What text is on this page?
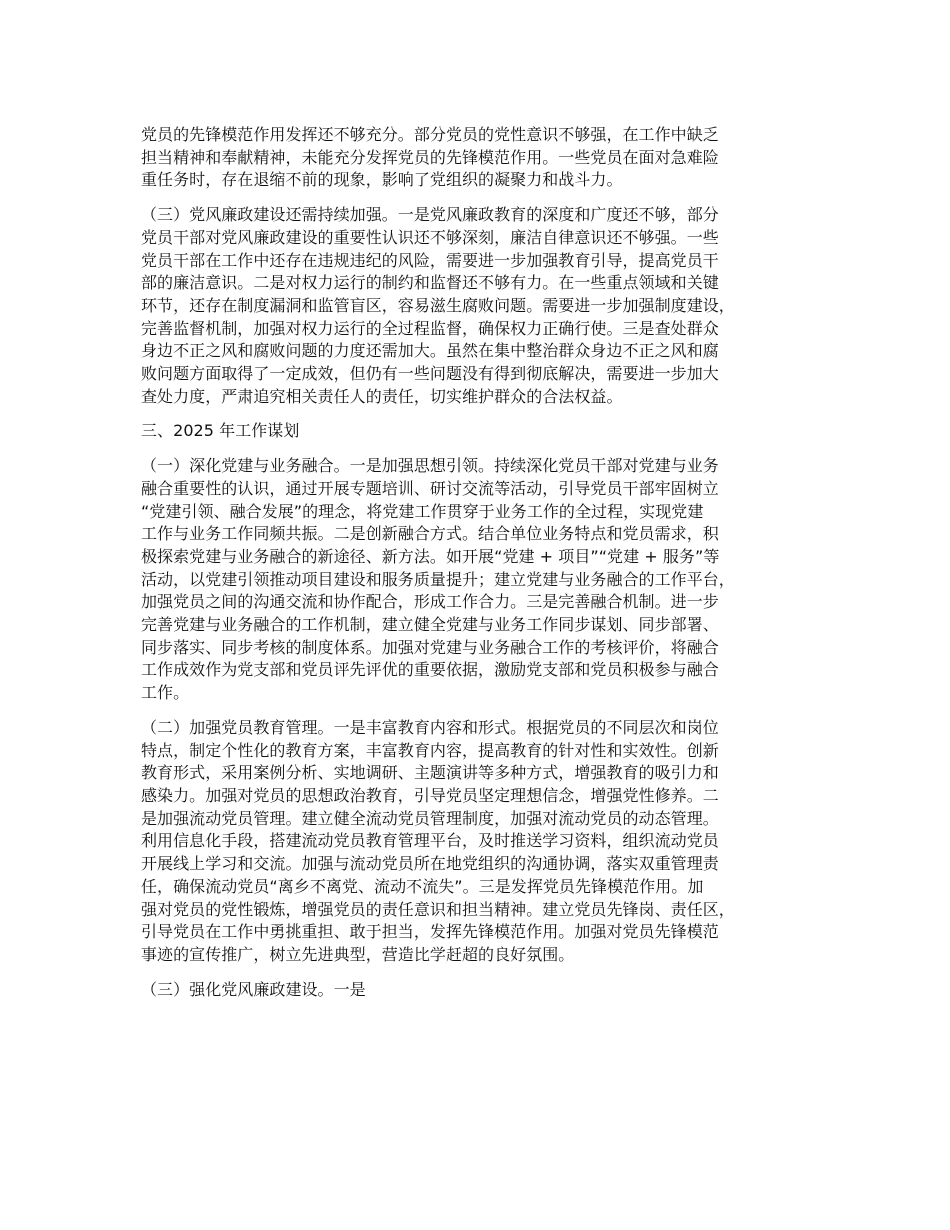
党员的先锋模范作用发挥还不够充分。部分党员的党性意识不够强，在工作中缺乏
担当精神和奉献精神，未能充分发挥党员的先锋模范作用。一些党员在面对急难险
重任务时，存在退缩不前的现象，影响了党组织的凝聚力和战斗力。
（三）党风廉政建设还需持续加强。一是党风廉政教育的深度和广度还不够，部分
党员干部对党风廉政建设的重要性认识还不够深刻，廉洁自律意识还不够强。一些
党员干部在工作中还存在违规违纪的风险，需要进一步加强教育引导，提高党员干
部的廉洁意识。二是对权力运行的制约和监督还不够有力。在一些重点领域和关键
环节，还存在制度漏洞和监管盲区，容易滋生腐败问题。需要进一步加强制度建设，
完善监督机制，加强对权力运行的全过程监督，确保权力正确行使。三是查处群众
身边不正之风和腐败问题的力度还需加大。虽然在集中整治群众身边不正之风和腐
败问题方面取得了一定成效，但仍有一些问题没有得到彻底解决，需要进一步加大
查处力度，严肃追究相关责任人的责任，切实维护群众的合法权益。
三、2025 年工作谋划
（一）深化党建与业务融合。一是加强思想引领。持续深化党员干部对党建与业务
融合重要性的认识，通过开展专题培训、研讨交流等活动，引导党员干部牢固树立
“党建引领、融合发展”的理念，将党建工作贯穿于业务工作的全过程，实现党建
工作与业务工作同频共振。二是创新融合方式。结合单位业务特点和党员需求，积
极探索党建与业务融合的新途径、新方法。如开展“党建 + 项目”“党建 + 服务”等
活动，以党建引领推动项目建设和服务质量提升；建立党建与业务融合的工作平台，
加强党员之间的沟通交流和协作配合，形成工作合力。三是完善融合机制。进一步
完善党建与业务融合的工作机制，建立健全党建与业务工作同步谋划、同步部署、
同步落实、同步考核的制度体系。加强对党建与业务融合工作的考核评价，将融合
工作成效作为党支部和党员评先评优的重要依据，激励党支部和党员积极参与融合
工作。
（二）加强党员教育管理。一是丰富教育内容和形式。根据党员的不同层次和岗位
特点，制定个性化的教育方案，丰富教育内容，提高教育的针对性和实效性。创新
教育形式，采用案例分析、实地调研、主题演讲等多种方式，增强教育的吸引力和
感染力。加强对党员的思想政治教育，引导党员坚定理想信念，增强党性修养。二
是加强流动党员管理。建立健全流动党员管理制度，加强对流动党员的动态管理。
利用信息化手段，搭建流动党员教育管理平台，及时推送学习资料，组织流动党员
开展线上学习和交流。加强与流动党员所在地党组织的沟通协调，落实双重管理责
任，确保流动党员“离乡不离党、流动不流失”。三是发挥党员先锋模范作用。加
强对党员的党性锻炼，增强党员的责任意识和担当精神。建立党员先锋岗、责任区，
引导党员在工作中勇挑重担、敢于担当，发挥先锋模范作用。加强对党员先锋模范
事迹的宣传推广，树立先进典型，营造比学赶超的良好氛围。
（三）强化党风廉政建设。一是
